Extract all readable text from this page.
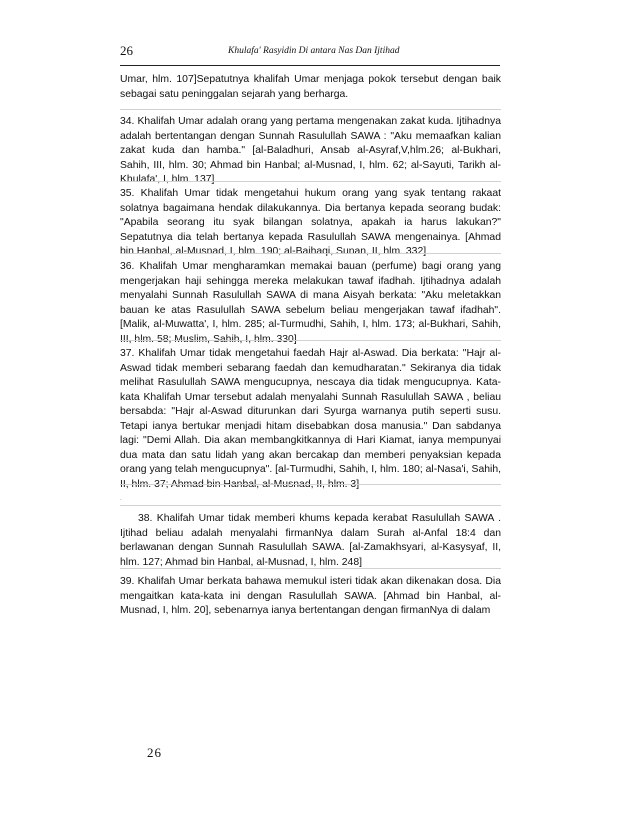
26	Khulafa' Rasyidin Di antara Nas Dan Ijtihad

Umar, hlm. 107]Sepatutnya khalifah Umar menjaga pokok tersebut dengan baik sebagai satu peninggalan sejarah yang berharga.

34. Khalifah Umar adalah orang yang pertama mengenakan zakat kuda. Ijtihadnya adalah bertentangan dengan Sunnah Rasulullah SAWA : "Aku memaafkan kalian zakat kuda dan hamba." [al-Baladhuri, Ansab al-Asyraf,V,hlm.26; al-Bukhari, Sahih, III, hlm. 30; Ahmad bin Hanbal; al-Musnad, I, hlm. 62; al-Sayuti, Tarikh al-Khulafa', I, hlm. 137]

35. Khalifah Umar tidak mengetahui hukum orang yang syak tentang rakaat solatnya bagaimana hendak dilakukannya. Dia bertanya kepada seorang budak: "Apabila seorang itu syak bilangan solatnya, apakah ia harus lakukan?" Sepatutnya dia telah bertanya kepada Rasulullah SAWA mengenainya. [Ahmad bin Hanbal, al-Musnad, I, hlm. 190; al-Baihaqi, Sunan, II, hlm. 332]

36. Khalifah Umar mengharamkan memakai bauan (perfume) bagi orang yang mengerjakan haji sehingga mereka melakukan tawaf ifadhah. Ijtihadnya adalah menyalahi Sunnah Rasulullah SAWA di mana Aisyah berkata: "Aku meletakkan bauan ke atas Rasulullah SAWA sebelum beliau mengerjakan tawaf ifadhah". [Malik, al-Muwatta', I, hlm. 285; al-Turmudhi, Sahih, I, hlm. 173; al-Bukhari, Sahih, III, hlm. 58; Muslim, Sahih, I, hlm. 330]

37. Khalifah Umar tidak mengetahui faedah Hajr al-Aswad. Dia berkata: "Hajr al-Aswad tidak memberi sebarang faedah dan kemudharatan." Sekiranya dia tidak melihat Rasulullah SAWA mengucupnya, nescaya dia tidak mengucupnya. Kata-kata Khalifah Umar tersebut adalah menyalahi Sunnah Rasulullah SAWA , beliau bersabda: "Hajr al-Aswad diturunkan dari Syurga warnanya putih seperti susu. Tetapi ianya bertukar menjadi hitam disebabkan dosa manusia." Dan sabdanya lagi: "Demi Allah. Dia akan membangkitkannya di Hari Kiamat, ianya mempunyai dua mata dan satu lidah yang akan bercakap dan memberi penyaksian kepada orang yang telah mengucupnya". [al-Turmudhi, Sahih, I, hlm. 180; al-Nasa'i, Sahih, II, hlm. 37; Ahmad bin Hanbal, al-Musnad, II, hlm. 3]

.

38. Khalifah Umar tidak memberi khums kepada kerabat Rasulullah SAWA . Ijtihad beliau adalah menyalahi firmanNya dalam Surah al-Anfal 18:4 dan berlawanan dengan Sunnah Rasulullah SAWA. [al-Zamakhsyari, al-Kasysyaf, II, hlm. 127; Ahmad bin Hanbal, al-Musnad, I, hlm. 248]

39. Khalifah Umar berkata bahawa memukul isteri tidak akan dikenakan dosa. Dia mengaitkan kata-kata ini dengan Rasulullah SAWA. [Ahmad bin Hanbal, al-Musnad, I, hlm. 20], sebenarnya ianya bertentangan dengan firmanNya di dalam

26
